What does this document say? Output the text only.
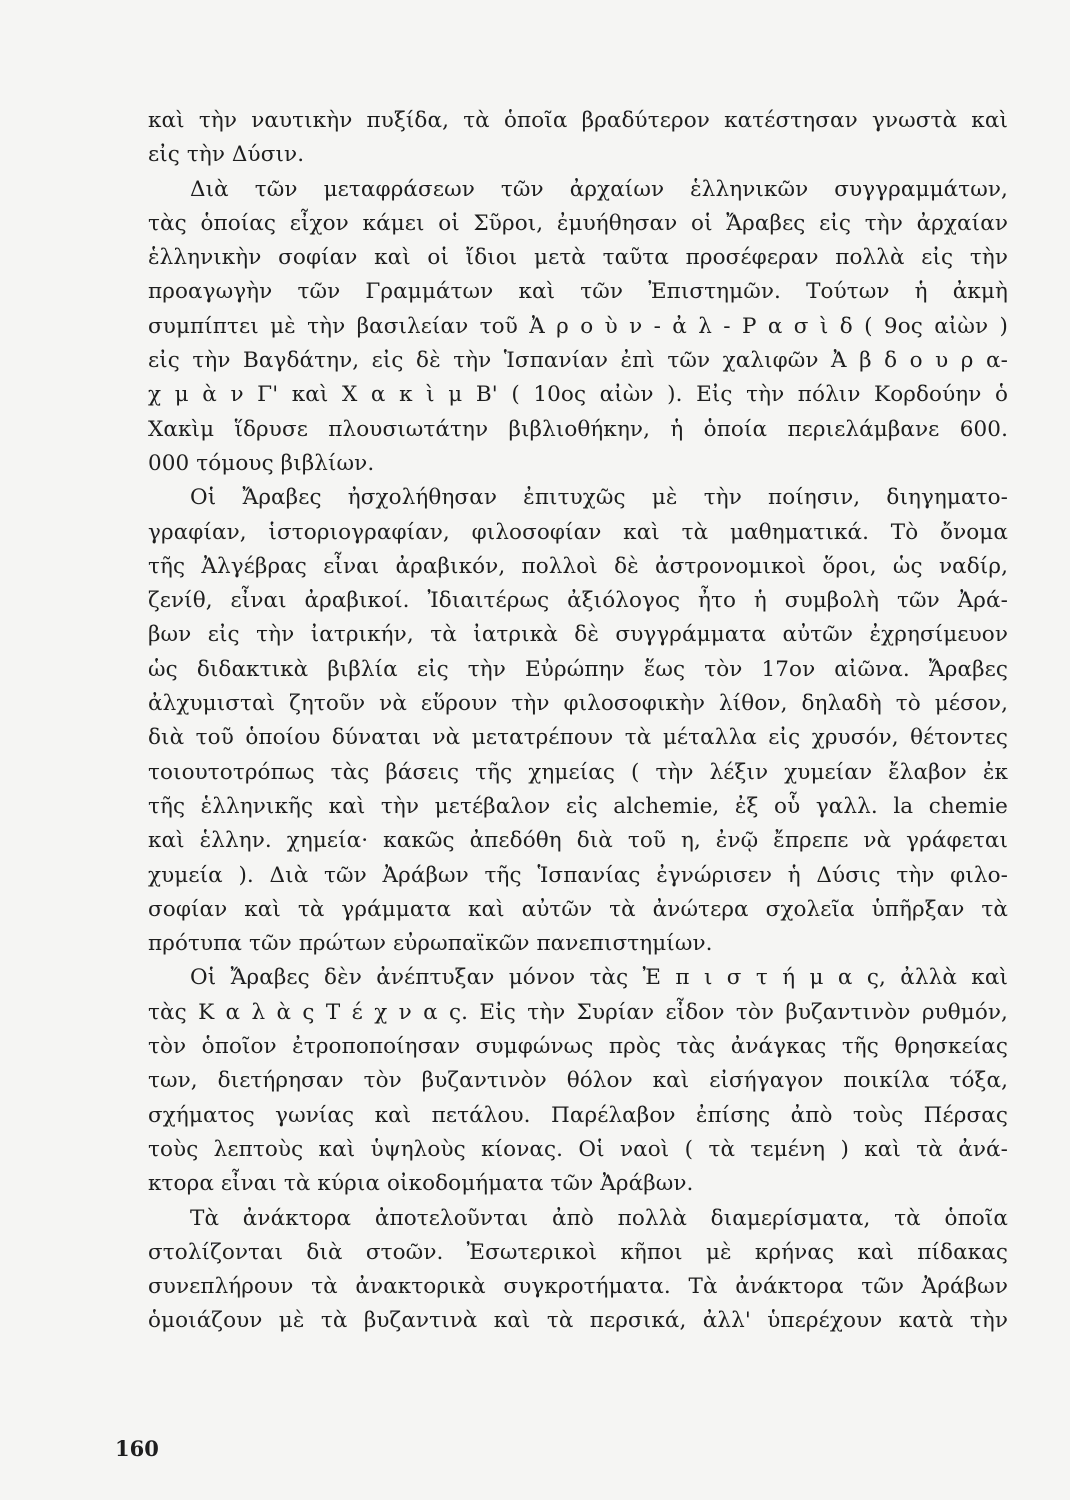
καὶ τὴν ναυτικὴν πυξίδα, τὰ ὁποῖα βραδύτερον κατέστησαν γνωστὰ καὶ
εἰς τὴν Δύσιν.
Διὰ τῶν μεταφράσεων τῶν ἀρχαίων ἑλληνικῶν συγγραμμάτων,
τὰς ὁποίας εἶχον κάμει οἱ Σῦροι, ἐμυήθησαν οἱ Ἄραβες εἰς τὴν ἀρχαίαν
ἑλληνικὴν σοφίαν καὶ οἱ ἴδιοι μετὰ ταῦτα προσέφεραν πολλὰ εἰς τὴν
προαγωγὴν τῶν Γραμμάτων καὶ τῶν Ἐπιστημῶν. Τούτων ἡ ἀκμὴ
συμπίπτει μὲ τὴν βασιλείαν τοῦ Ἀ ρ ο ὺ ν - ἀ λ - Ρ α σ ὶ δ ( 9ος αἰὼν )
εἰς τὴν Βαγδάτην, εἰς δὲ τὴν Ἱσπανίαν ἐπὶ τῶν χαλιφῶν Ἀ β δ ο υ ρ α-
χ μ ὰ ν Γ' καὶ Χ α κ ὶ μ Β' ( 10ος αἰὼν ). Εἰς τὴν πόλιν Κορδούην ὁ
Χακὶμ ἵδρυσε πλουσιωτάτην βιβλιοθήκην, ἡ ὁποία περιελάμβανε 600.
000 τόμους βιβλίων.
Οἱ Ἄραβες ἠσχολήθησαν ἐπιτυχῶς μὲ τὴν ποίησιν, διηγηματο-
γραφίαν, ἱστοριογραφίαν, φιλοσοφίαν καὶ τὰ μαθηματικά. Τὸ ὄνομα
τῆς Ἀλγέβρας εἶναι ἀραβικόν, πολλοὶ δὲ ἀστρονομικοὶ ὅροι, ὡς ναδίρ,
ζενίθ, εἶναι ἀραβικοί. Ἰδιαιτέρως ἀξιόλογος ἦτο ἡ συμβολὴ τῶν Ἀρά-
βων εἰς τὴν ἰατρικήν, τὰ ἰατρικὰ δὲ συγγράμματα αὐτῶν ἐχρησίμευον
ὡς διδακτικὰ βιβλία εἰς τὴν Εὐρώπην ἕως τὸν 17ον αἰῶνα. Ἄραβες
ἀλχυμισταὶ ζητοῦν νὰ εὕρουν τὴν φιλοσοφικὴν λίθον, δηλαδὴ τὸ μέσον,
διὰ τοῦ ὁποίου δύναται νὰ μετατρέπουν τὰ μέταλλα εἰς χρυσόν, θέτοντες
τοιουτοτρόπως τὰς βάσεις τῆς χημείας ( τὴν λέξιν χυμείαν ἔλαβον ἐκ
τῆς ἑλληνικῆς καὶ τὴν μετέβαλον εἰς alchemie, ἐξ οὗ γαλλ. la chemie
καὶ ἑλλην. χημεία· κακῶς ἀπεδόθη διὰ τοῦ η, ἐνῷ ἔπρεπε νὰ γράφεται
χυμεία ). Διὰ τῶν Ἀράβων τῆς Ἱσπανίας ἐγνώρισεν ἡ Δύσις τὴν φιλο-
σοφίαν καὶ τὰ γράμματα καὶ αὐτῶν τὰ ἀνώτερα σχολεῖα ὑπῆρξαν τὰ
πρότυπα τῶν πρώτων εὐρωπαϊκῶν πανεπιστημίων.
Οἱ Ἄραβες δὲν ἀνέπτυξαν μόνον τὰς Ἐ π ι σ τ ή μ α ς, ἀλλὰ καὶ
τὰς Κ α λ ὰ ς Τ έ χ ν α ς. Εἰς τὴν Συρίαν εἶδον τὸν βυζαντινὸν ρυθμόν,
τὸν ὁποῖον ἐτροποποίησαν συμφώνως πρὸς τὰς ἀνάγκας τῆς θρησκείας
των, διετήρησαν τὸν βυζαντινὸν θόλον καὶ εἰσήγαγον ποικίλα τόξα,
σχήματος γωνίας καὶ πετάλου. Παρέλαβον ἐπίσης ἀπὸ τοὺς Πέρσας
τοὺς λεπτοὺς καὶ ὑψηλοὺς κίονας. Οἱ ναοὶ ( τὰ τεμένη ) καὶ τὰ ἀνά-
κτορα εἶναι τὰ κύρια οἰκοδομήματα τῶν Ἀράβων.
Τὰ ἀνάκτορα ἀποτελοῦνται ἀπὸ πολλὰ διαμερίσματα, τὰ ὁποῖα
στολίζονται διὰ στοῶν. Ἐσωτερικοὶ κῆποι μὲ κρήνας καὶ πίδακας
συνεπλήρουν τὰ ἀνακτορικὰ συγκροτήματα. Τὰ ἀνάκτορα τῶν Ἀράβων
ὁμοιάζουν μὲ τὰ βυζαντινὰ καὶ τὰ περσικά, ἀλλ' ὑπερέχουν κατὰ τὴν
160
